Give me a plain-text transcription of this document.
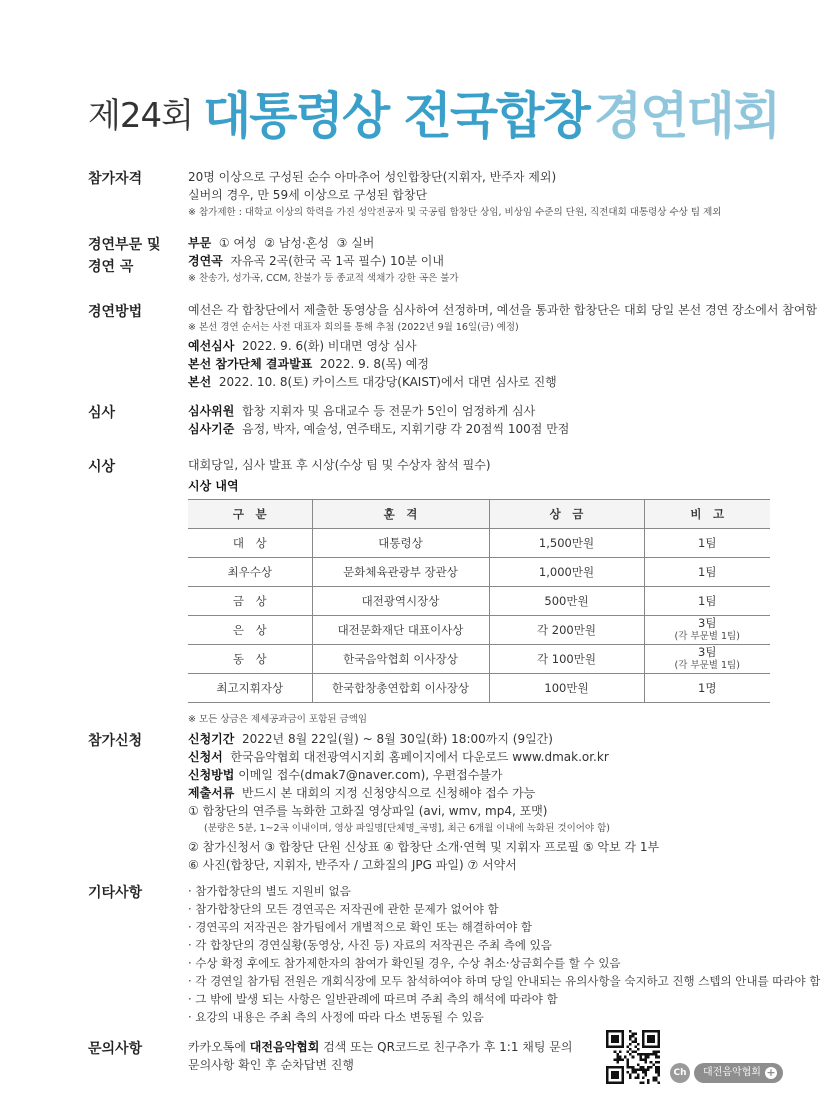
제24회 대통령상 전국합창 경연대회
참가자격	20명 이상으로 구성된 순수 아마추어 성인합창단(지휘자, 반주자 제외)
실버의 경우, 만 59세 이상으로 구성된 합창단
※ 참가제한 : 대학교 이상의 학력을 가진 성악전공자 및 국공립 합창단 상임, 비상임 수준의 단원, 직전대회 대통령상 수상 팀 제외
경연부문 및
경연 곡
부문 ① 여성 ② 남성·혼성 ③ 실버
경연곡 자유곡 2곡(한국 곡 1곡 필수) 10분 이내
※ 찬송가, 성가곡, CCM, 찬불가 등 종교적 색채가 강한 곡은 불가
경연방법	예선은 각 합창단에서 제출한 동영상을 심사하여 선정하며, 예선을 통과한 합창단은 대회 당일 본선 경연 장소에서 참여함
※ 본선 경연 순서는 사전 대표자 회의를 통해 추첨 (2022년 9월 16일(금) 예정)
예선심사 2022. 9. 6(화) 비대면 영상 심사
본선 참가단체 결과발표 2022. 9. 8(목) 예정
본선 2022. 10. 8(토) 카이스트 대강당(KAIST)에서 대면 심사로 진행
심사	심사위원 합창 지휘자 및 음대교수 등 전문가 5인이 엄정하게 심사
심사기준 음정, 박자, 예술성, 연주태도, 지휘기량 각 20점씩 100점 만점
시상	대회당일, 심사 발표 후 시상(수상 팀 및 수상자 참석 필수)
시상 내역
구　분	훈　격	상　금	비　고
대　상	대통령상	1,500만원	1팀
최우수상	문화체육관광부 장관상	1,000만원	1팀
금　상	대전광역시장상	500만원	1팀
은　상	대전문화재단 대표이사상	각 200만원	3팀
(각 부문별 1팀)

동　상	한국음악협회 이사장상	각 100만원	3팀
(각 부문별 1팀)

최고지휘자상	한국합창총연합회 이사장상	100만원	1명
※ 모든 상금은 제세공과금이 포함된 금액임
참가신청	신청기간 2022년 8월 22일(월) ~ 8월 30일(화) 18:00까지 (9일간)
신청서 한국음악협회 대전광역시지회 홈페이지에서 다운로드 www.dmak.or.kr
신청방법 이메일 접수(dmak7@naver.com), 우편접수불가
제출서류 반드시 본 대회의 지정 신청양식으로 신청해야 접수 가능
① 합창단의 연주를 녹화한 고화질 영상파일 (avi, wmv, mp4, 포맷)
(분량은 5분, 1~2곡 이내이며, 영상 파일명[단체명_곡명], 최근 6개월 이내에 녹화된 것이어야 함)
② 참가신청서 ③ 합창단 단원 신상표 ④ 합창단 소개·연혁 및 지휘자 프로필 ⑤ 악보 각 1부
⑥ 사진(합창단, 지휘자, 반주자 / 고화질의 JPG 파일) ⑦ 서약서
기타사항	· 참가합창단의 별도 지원비 없음
· 참가합창단의 모든 경연곡은 저작권에 관한 문제가 없어야 함
· 경연곡의 저작권은 참가팀에서 개별적으로 확인 또는 해결하여야 함
· 각 합창단의 경연실황(동영상, 사진 등) 자료의 저작권은 주최 측에 있음
· 수상 확정 후에도 참가제한자의 참여가 확인될 경우, 수상 취소·상금회수를 할 수 있음
· 각 경연일 참가팀 전원은 개회식장에 모두 참석하여야 하며 당일 안내되는 유의사항을 숙지하고 진행 스텝의 안내를 따라야 함
· 그 밖에 발생 되는 사항은 일반관례에 따르며 주최 측의 해석에 따라야 함
· 요강의 내용은 주최 측의 사정에 따라 다소 변동될 수 있음
문의사항	카카오톡에 대전음악협회 검색 또는 QR코드로 친구추가 후 1:1 채팅 문의
문의사항 확인 후 순차답변 진행
Ch 대전음악협회 +
